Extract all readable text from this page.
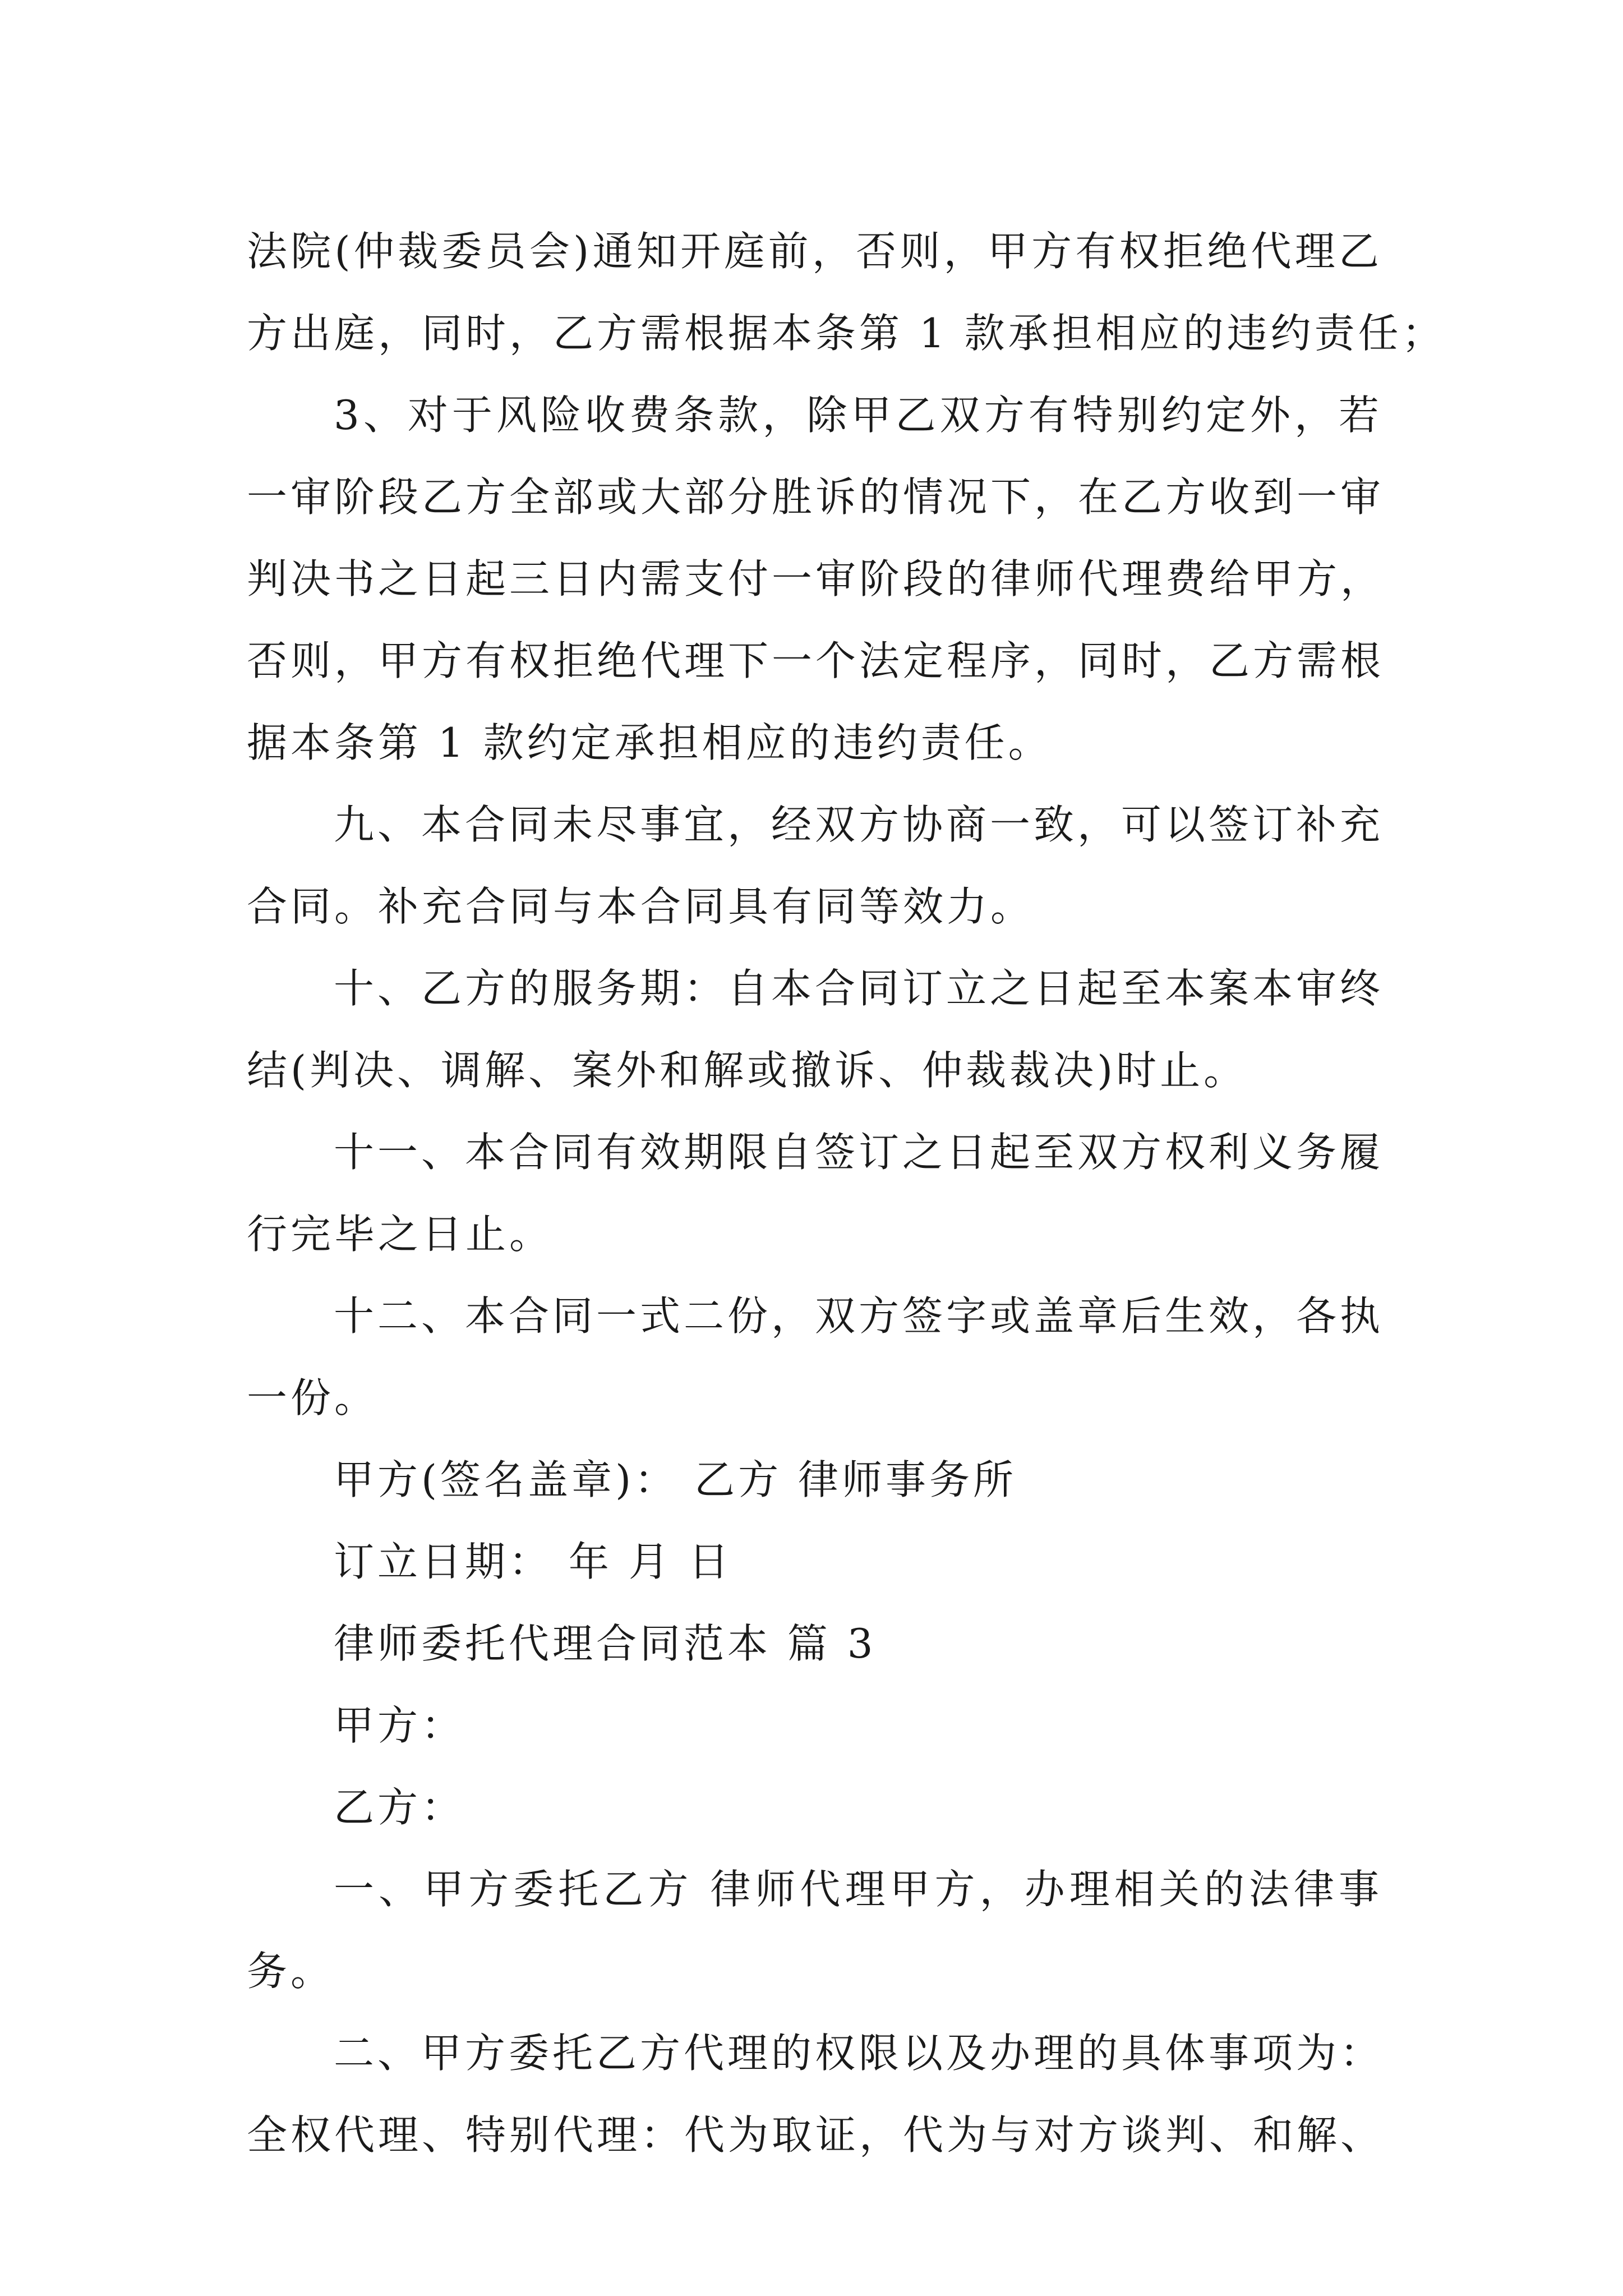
法院(仲裁委员会)通知开庭前，否则，甲方有权拒绝代理乙
方出庭，同时，乙方需根据本条第 1 款承担相应的违约责任；
3、对于风险收费条款，除甲乙双方有特别约定外，若
一审阶段乙方全部或大部分胜诉的情况下，在乙方收到一审
判决书之日起三日内需支付一审阶段的律师代理费给甲方，
否则，甲方有权拒绝代理下一个法定程序，同时，乙方需根
据本条第 1 款约定承担相应的违约责任。
九、本合同未尽事宜，经双方协商一致，可以签订补充
合同。补充合同与本合同具有同等效力。
十、乙方的服务期：自本合同订立之日起至本案本审终
结(判决、调解、案外和解或撤诉、仲裁裁决)时止。
十一、本合同有效期限自签订之日起至双方权利义务履
行完毕之日止。
十二、本合同一式二份，双方签字或盖章后生效，各执
一份。
甲方(签名盖章)： 乙方 律师事务所
订立日期： 年 月 日
律师委托代理合同范本 篇 3
甲方：
乙方：
一、甲方委托乙方 律师代理甲方，办理相关的法律事
务。
二、甲方委托乙方代理的权限以及办理的具体事项为：
全权代理、特别代理：代为取证，代为与对方谈判、和解、
